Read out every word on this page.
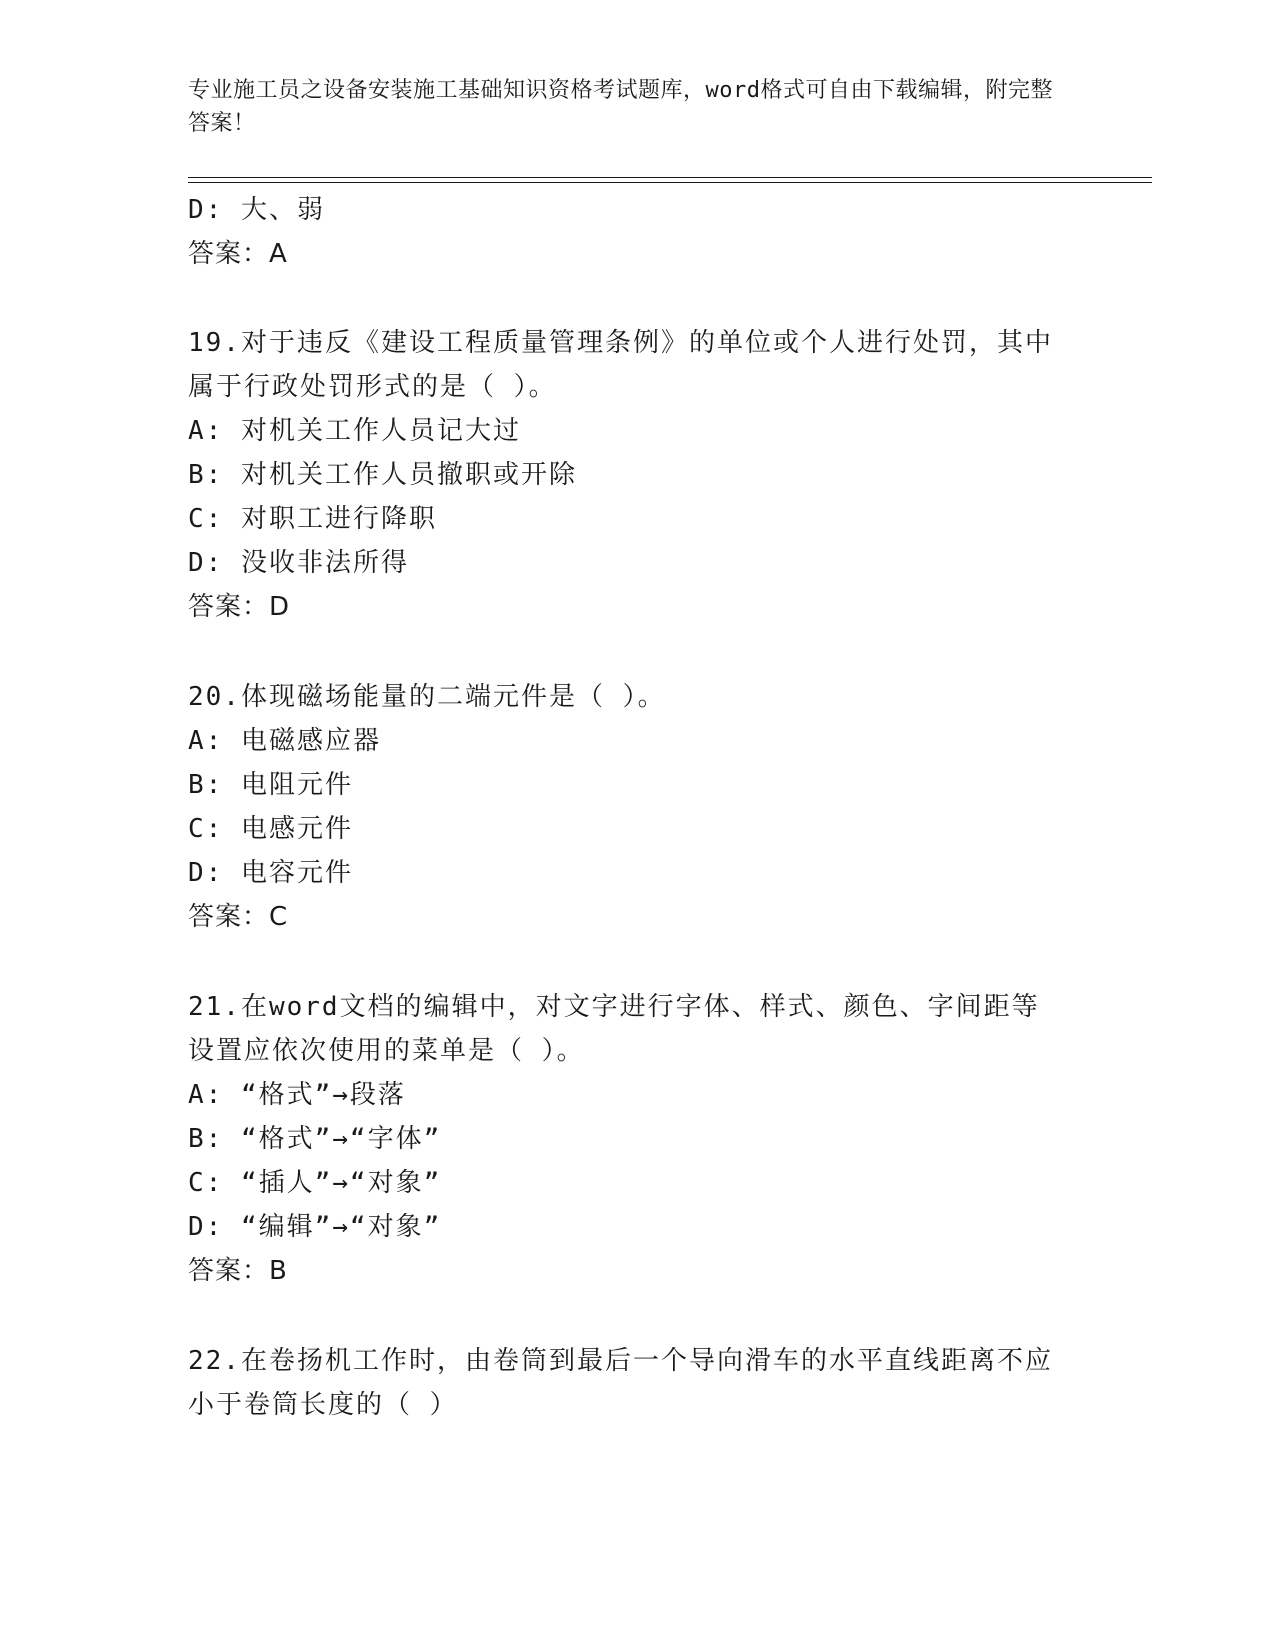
专业施工员之设备安装施工基础知识资格考试题库，word格式可自由下载编辑，附完整答案！
D: 大、弱
答案：A
19.对于违反《建设工程质量管理条例》的单位或个人进行处罚，其中
属于行政处罚形式的是（ ）。
A: 对机关工作人员记大过
B: 对机关工作人员撤职或开除
C: 对职工进行降职
D: 没收非法所得
答案：D
20.体现磁场能量的二端元件是（ ）。
A: 电磁感应器
B: 电阻元件
C: 电感元件
D: 电容元件
答案：C
21.在word文档的编辑中，对文字进行字体、样式、颜色、字间距等
设置应依次使用的菜单是（ ）。
A: “格式”→段落
B: “格式”→“字体”
C: “插人”→“对象”
D: “编辑”→“对象”
答案：B
22.在卷扬机工作时，由卷筒到最后一个导向滑车的水平直线距离不应
小于卷筒长度的（ ）
